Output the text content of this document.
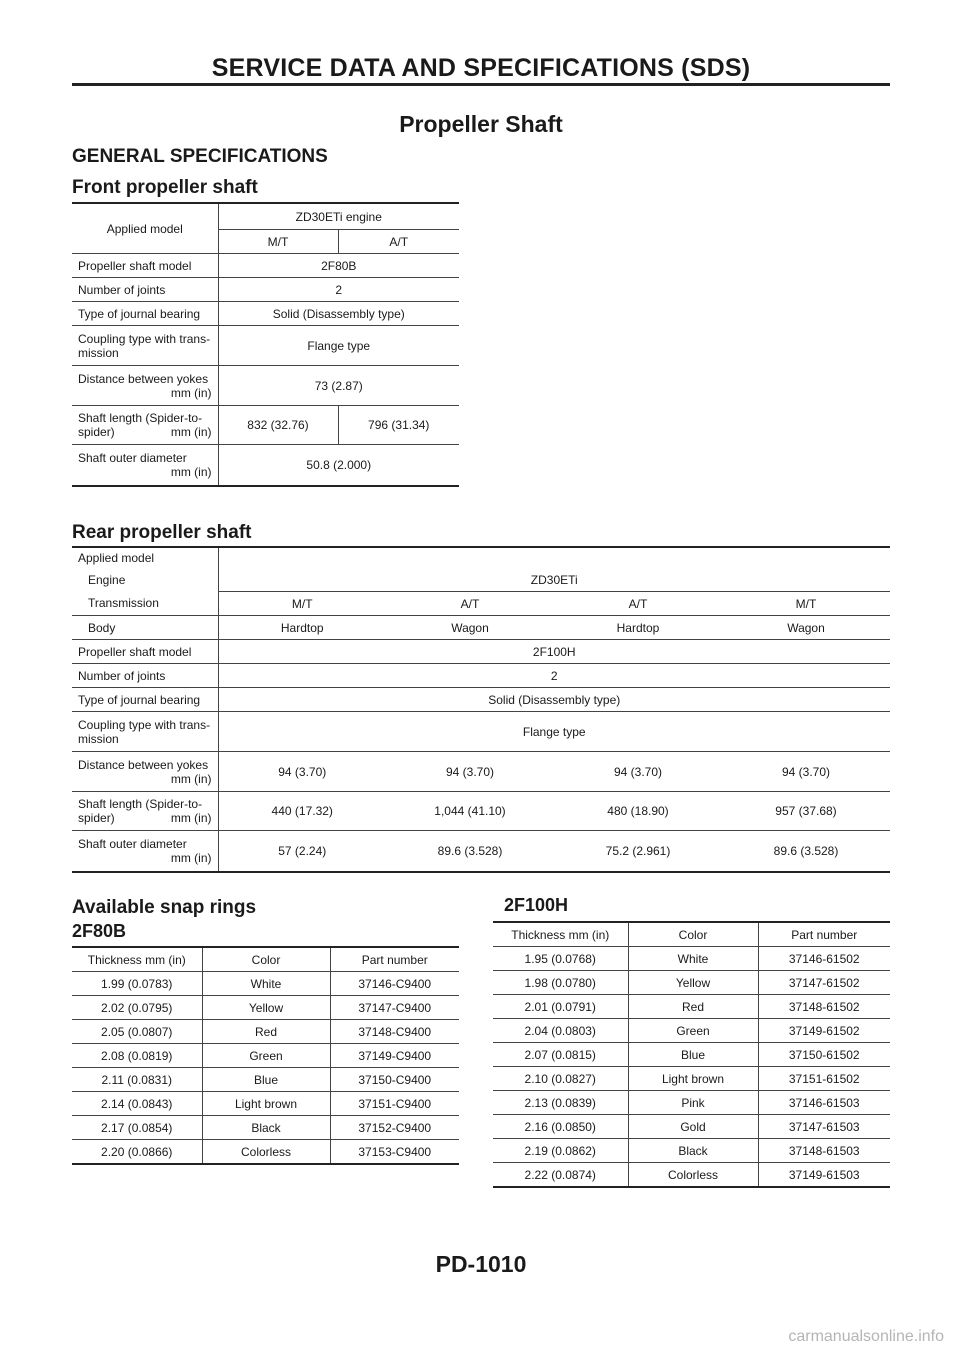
SERVICE DATA AND SPECIFICATIONS (SDS)
Propeller Shaft
GENERAL SPECIFICATIONS
Front propeller shaft
Applied model	ZD30ETi engine	
	M/T	A/T
Propeller shaft model	2F80B	
Number of joints	2	
Type of journal bearing	Solid (Disassembly type)	
Coupling type with trans-
mission	Flange type	
Distance between yokes
mm (in)	73 (2.87)	
Shaft length (Spider-to-
spider) mm (in)	832 (32.76)	796 (31.34)
Shaft outer diameter
mm (in)	50.8 (2.000)	
Rear propeller shaft
Applied model				
Engine	ZD30ETi			
Transmission	M/T	A/T	A/T	M/T
Body	Hardtop	Wagon	Hardtop	Wagon
Propeller shaft model	2F100H			
Number of joints	2			
Type of journal bearing	Solid (Disassembly type)			
Coupling type with trans-
mission	Flange type			
Distance between yokes
mm (in)	94 (3.70)	94 (3.70)	94 (3.70)	94 (3.70)
Shaft length (Spider-to-
spider) mm (in)	440 (17.32)	1,044 (41.10)	480 (18.90)	957 (37.68)
Shaft outer diameter
mm (in)	57 (2.24)	89.6 (3.528)	75.2 (2.961)	89.6 (3.528)
Available snap rings
2F80B
2F100H
Thickness mm (in)	Color	Part number
1.99 (0.0783)	White	37146-C9400
2.02 (0.0795)	Yellow	37147-C9400
2.05 (0.0807)	Red	37148-C9400
2.08 (0.0819)	Green	37149-C9400
2.11 (0.0831)	Blue	37150-C9400
2.14 (0.0843)	Light brown	37151-C9400
2.17 (0.0854)	Black	37152-C9400
2.20 (0.0866)	Colorless	37153-C9400
Thickness mm (in)	Color	Part number
1.95 (0.0768)	White	37146-61502
1.98 (0.0780)	Yellow	37147-61502
2.01 (0.0791)	Red	37148-61502
2.04 (0.0803)	Green	37149-61502
2.07 (0.0815)	Blue	37150-61502
2.10 (0.0827)	Light brown	37151-61502
2.13 (0.0839)	Pink	37146-61503
2.16 (0.0850)	Gold	37147-61503
2.19 (0.0862)	Black	37148-61503
2.22 (0.0874)	Colorless	37149-61503
PD-1010
carmanualsonline.info
